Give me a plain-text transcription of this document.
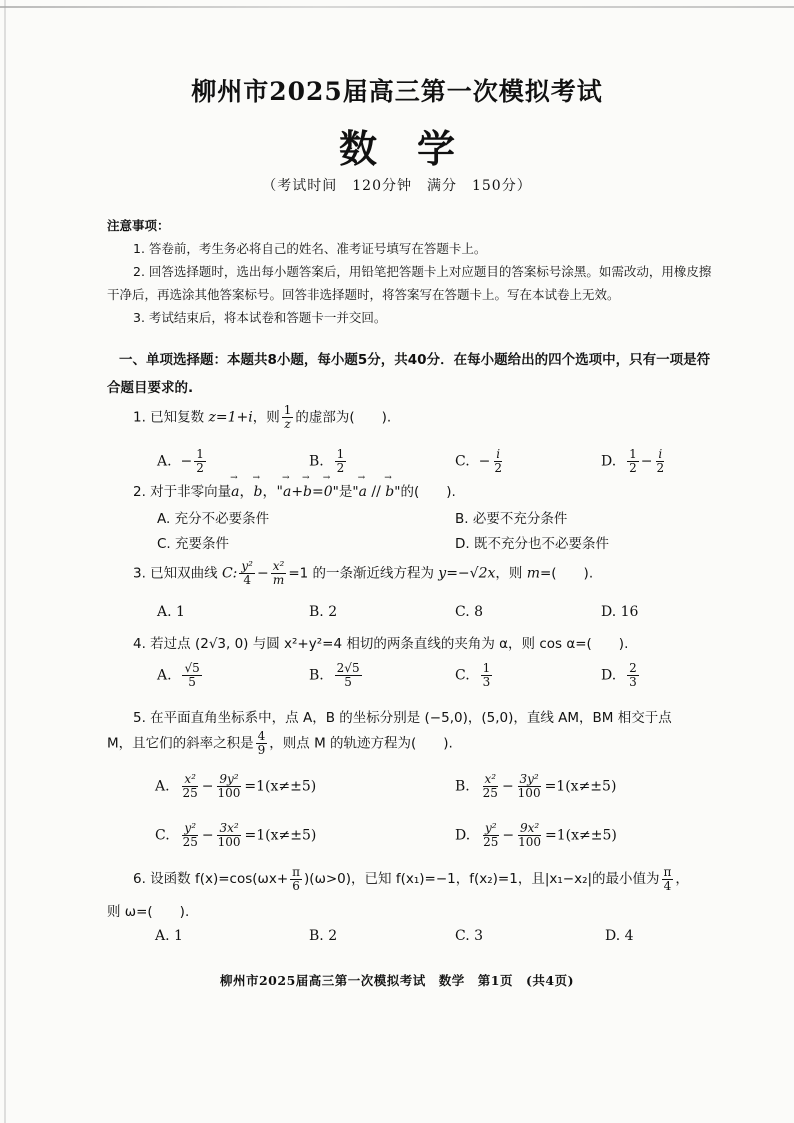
柳州市2025届高三第一次模拟考试
数学
（考试时间　120分钟　满分　150分）
注意事项：

1. 答卷前，考生务必将自己的姓名、准考证号填写在答题卡上。

2. 回答选择题时，选出每小题答案后，用铅笔把答题卡上对应题目的答案标号涂黑。如需改动，用橡皮擦干净后，再选涂其他答案标号。回答非选择题时，将答案写在答题卡上。写在本试卷上无效。

3. 考试结束后，将本试卷和答题卡一并交回。

一、单项选择题：本题共8小题，每小题5分，共40分．在每小题给出的四个选项中，只有一项是符合题目要求的.
1. 已知复数 z=1+i，则 $\frac{1}{z}$ 的虚部为(　　).
A. − $\frac{1}{2}$	B. $\frac{1}{2}$	C. − $\frac{i}{2}$	D. $\frac{1}{2} - \frac{i}{2}$
2. 对于非零向量→ a，→ b，"→ a+→ b=→ 0"是"→ a // → b"的(　　).
A. 充分不必要条件	B. 必要不充分条件
C. 充要条件	D. 既不充分也不必要条件
3. 已知双曲线 C: $\frac{\text{y²}}{4} - \frac{\text{x²}}{m} =1$ 的一条渐近线方程为 y=−√2x，则 m=(　　).
A. 1	B. 2	C. 8	D. 16
4. 若过点 (2√3, 0) 与圆 x²+y²=4 相切的两条直线的夹角为 α，则 cos α=(　　).
A. $\frac{√5}{5}$	B. $\frac{2√5}{5}$	C. $\frac{1}{3}$	D. $\frac{2}{3}$
5. 在平面直角坐标系中，点 A，B 的坐标分别是 (−5,0)，(5,0)，直线 AM，BM 相交于点
M，且它们的斜率之积是 $\frac{4}{9}$ ，则点 M 的轨迹方程为(　　).
A. $\frac{\text{x²}}{25} - \frac{\text{9y²}}{100} =1(x\ne\pm 5)$	B. $\frac{\text{x²}}{25} - \frac{\text{3y²}}{100} =1(x\ne\pm 5)$
C. $\frac{\text{y²}}{25} - \frac{\text{3x²}}{100} =1(x\ne\pm 5)$	D. $\frac{\text{y²}}{25} - \frac{\text{9x²}}{100} =1(x\ne\pm 5)$
6. 设函数 $f(x)=\cos(\omega x+ \frac{\pi}{6} )(\omega>0)$，已知 f(x₁)=−1，f(x₂)=1，且|x₁−x₂|的最小值为 $\frac{\pi}{4}$ ，
则 ω=(　　).
A. 1	B. 2	C. 3	D. 4
柳州市2025届高三第一次模拟考试　数学　第1页　(共4页)
